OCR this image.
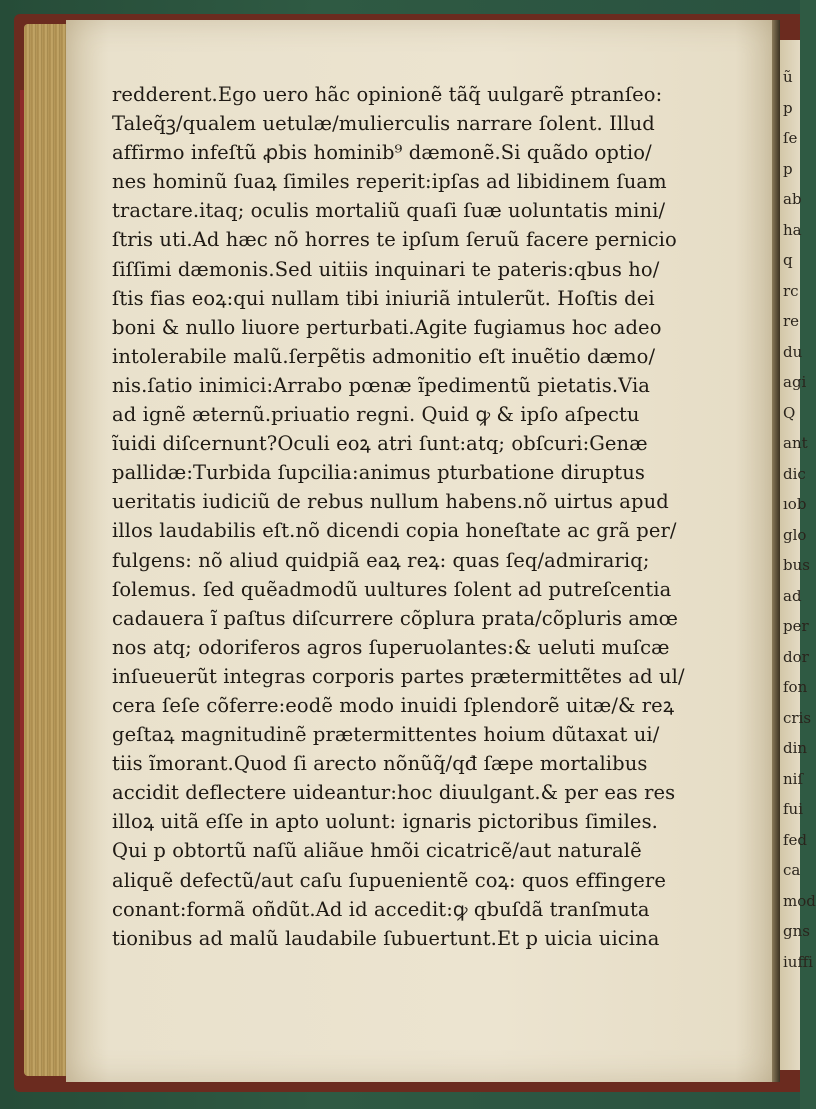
redderent.Ego uero hãc opinionẽ tãq̃ uulgarẽ ptranſeo:
Taleq̃ꝫ/qualem uetulæ/mulierculis narrare ſolent. Illud
affirmo infeſtũ ꝓbis hominib⁹ dæmonẽ.Si quãdo optio/
nes hominũ ſuaꝝ ſimiles reperit:ipſas ad libidinem ſuam
tractare.itaq; oculis mortaliũ quaſi ſuæ uoluntatis mini/
ſtris uti.Ad hæc nõ horres te ipſum ſeruũ facere pernicio
ſiſſimi dæmonis.Sed uitiis inquinari te pateris:qbus ho/
ſtis fias eoꝝ:qui nullam tibi iniuriã intulerũt. Hoſtis dei
boni & nullo liuore perturbati.Agite fugiamus hoc adeo
intolerabile malũ.ſerpẽtis admonitio eſt inuẽtio dæmo/
nis.ſatio inimici:Arrabo pœnæ ĩpedimentũ pietatis.Via
ad ignẽ æternũ.priuatio regni. Quid ꝙ & ipſo aſpectu
ĩuidi diſcernunt?Oculi eoꝝ atri ſunt:atq; obſcuri:Genæ
pallidæ:Turbida ſupcilia:animus pturbatione diruptus
ueritatis iudiciũ de rebus nullum habens.nõ uirtus apud
illos laudabilis eſt.nõ dicendi copia honeſtate ac grã per/
fulgens: nõ aliud quidpiã eaꝝ reꝝ: quas ſeq/admirariq;
ſolemus. ſed quẽadmodũ uultures ſolent ad putreſcentia
cadauera ĩ paſtus diſcurrere cõplura prata/cõpluris amœ
nos atq; odoriferos agros ſuperuolantes:& ueluti muſcæ
inſueuerũt integras corporis partes prætermittẽtes ad ul/
cera ſeſe cõferre:eodẽ modo inuidi ſplendorẽ uitæ/& reꝝ
geſtaꝝ magnitudinẽ prætermittentes hoium dũtaxat ui/
tiis ĩmorant.Quod ſi arecto nõnũq̃/qđ ſæpe mortalibus
accidit deflectere uideantur:hoc diuulgant.& per eas res
illoꝝ uitã eſſe in apto uolunt: ignaris pictoribus ſimiles.
Qui p obtortũ naſũ aliãue hmõi cicatricẽ/aut naturalẽ
aliquẽ defectũ/aut caſu ſupuenientẽ coꝝ: quos effingere
conant:formã oñdũt.Ad id accedit:ꝙ qbuſdã tranſmuta
tionibus ad malũ laudabile ſubuertunt.Et p uicia uicina
ũ
p
ſe
p
ab
ha
q
rc
re
du
agi
Q
ant
dic
ıob
glo
bus
ad
per
dor
fon
cris
din
niſ
fui
fed
ca
mod
gns
iuffi
